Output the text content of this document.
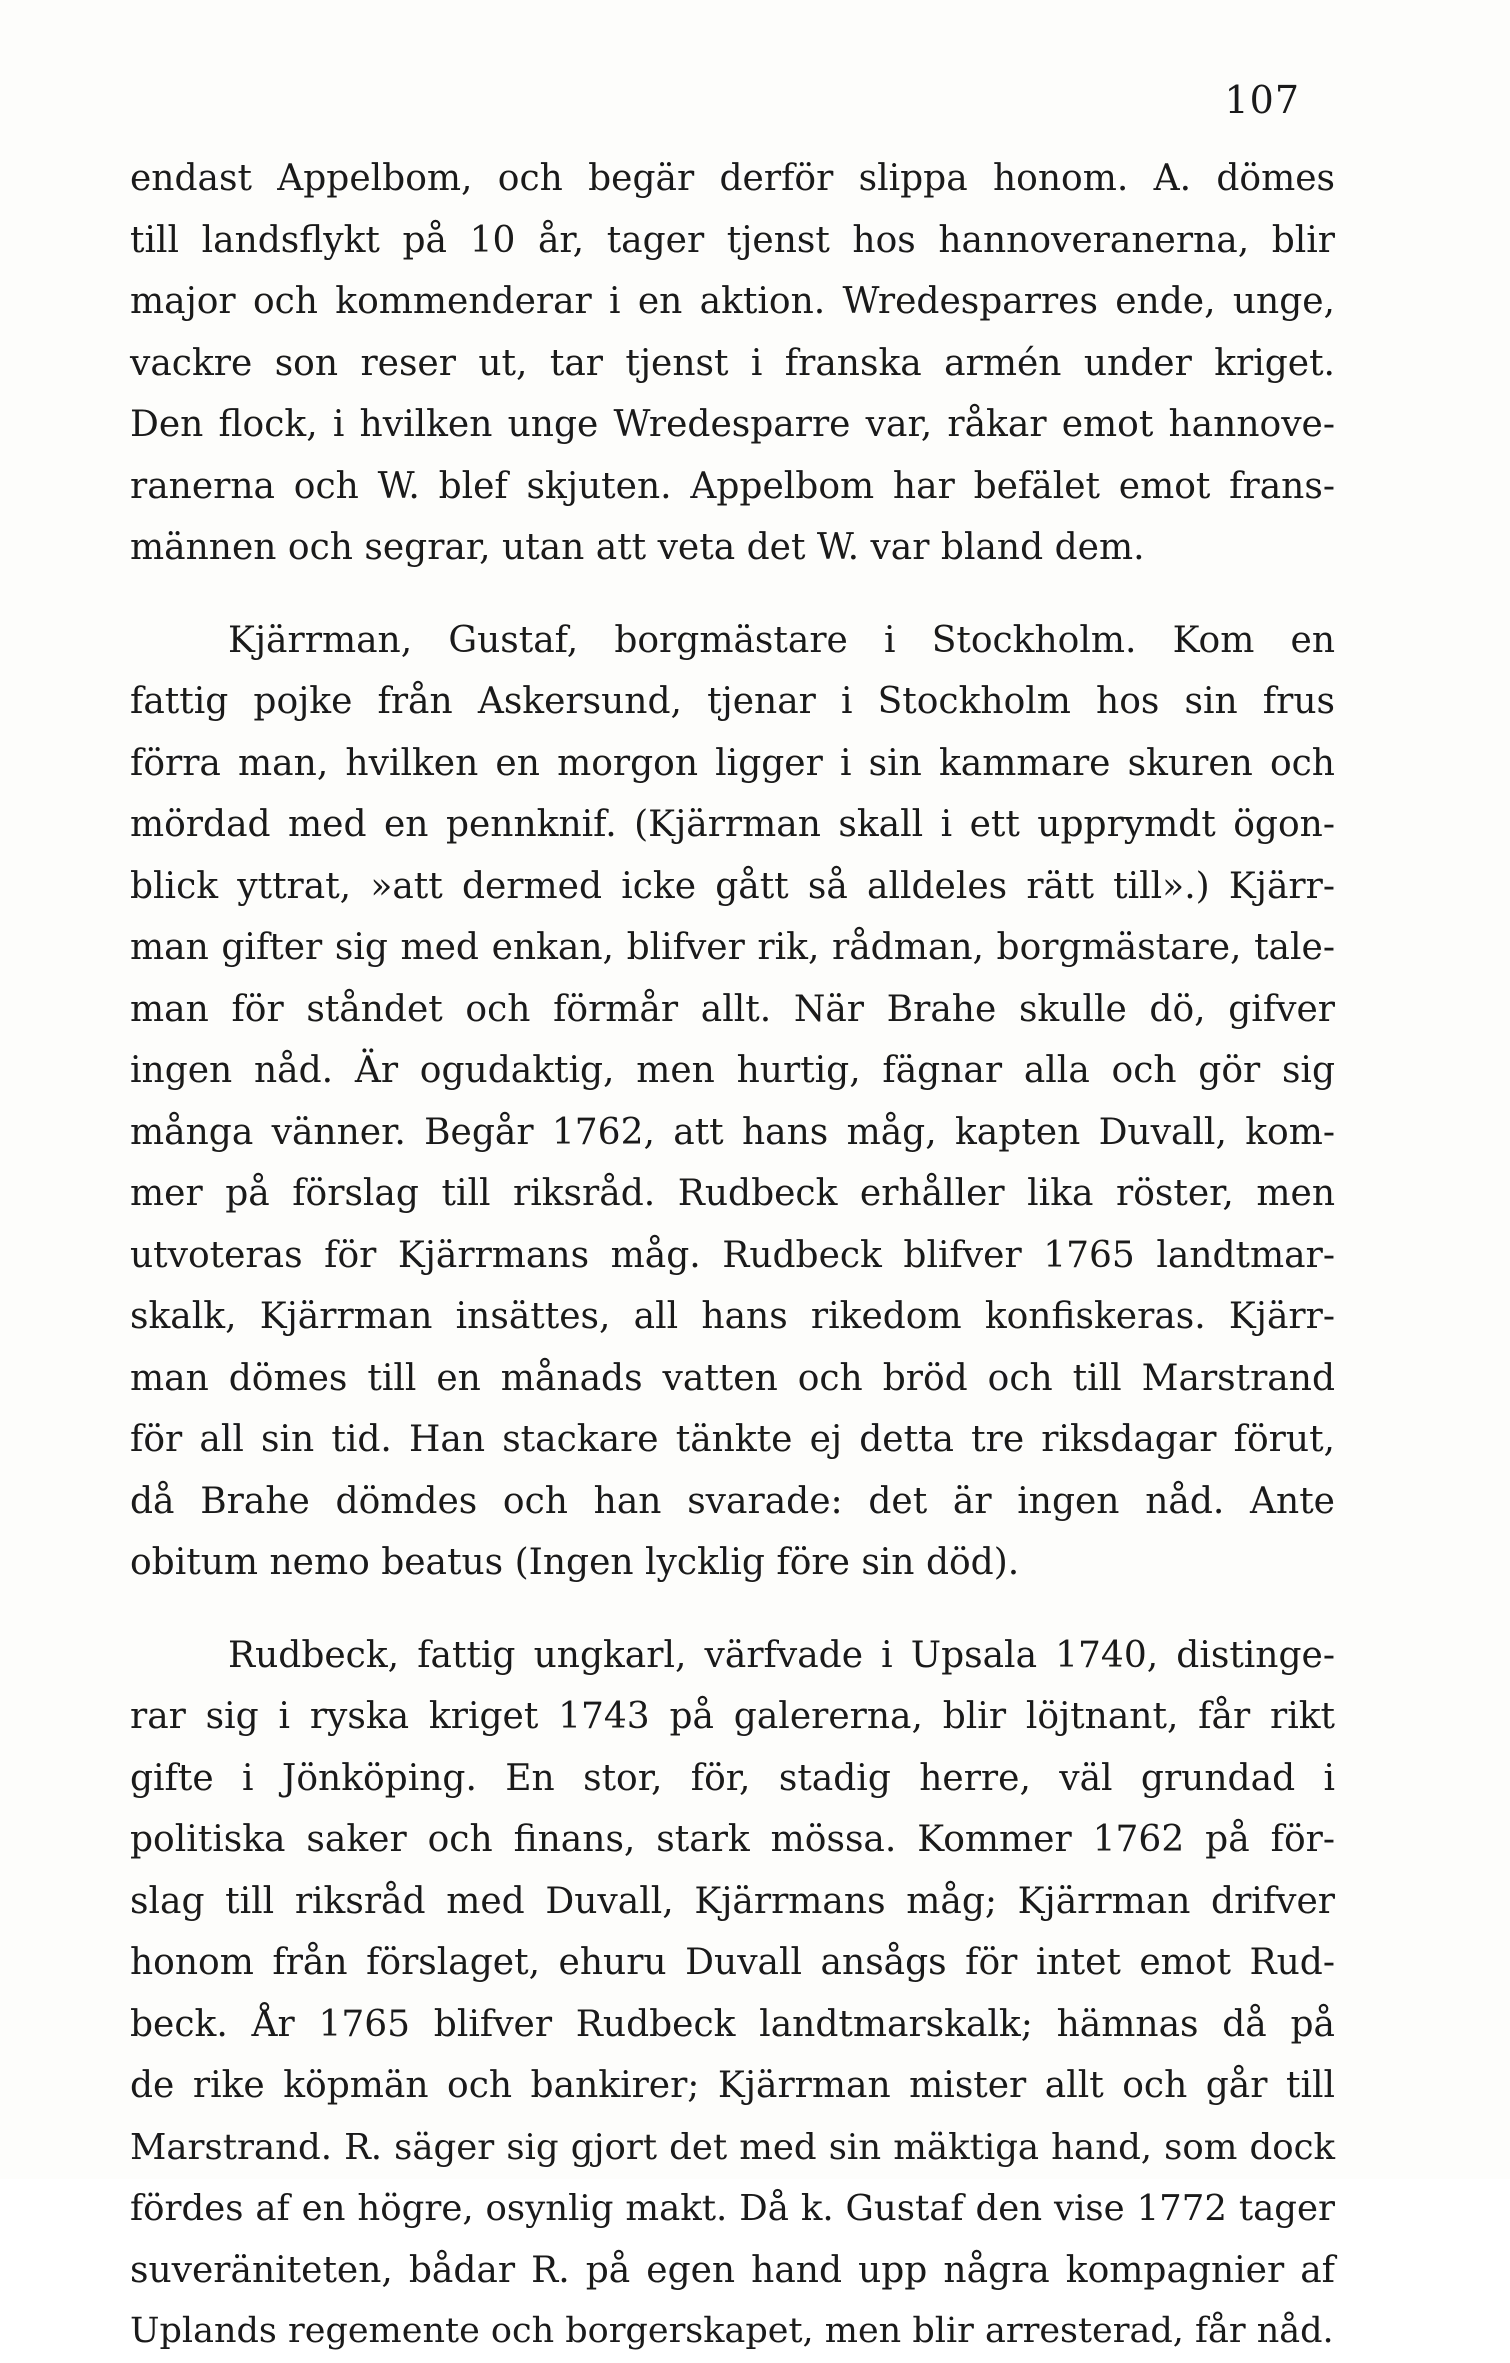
107

endast Appelbom, och begär derför slippa honom. A. dömes
till landsflykt på 10 år, tager tjenst hos hannoveranerna, blir
major och kommenderar i en aktion. Wredesparres ende, unge,
vackre son reser ut, tar tjenst i franska armén under kriget.
Den flock, i hvilken unge Wredesparre var, råkar emot hannove-
ranerna och W. blef skjuten. Appelbom har befälet emot frans-
männen och segrar, utan att veta det W. var bland dem.

Kjärrman, Gustaf, borgmästare i Stockholm. Kom en
fattig pojke från Askersund, tjenar i Stockholm hos sin frus
förra man, hvilken en morgon ligger i sin kammare skuren och
mördad med en pennknif. (Kjärrman skall i ett upprymdt ögon-
blick yttrat, »att dermed icke gått så alldeles rätt till».) Kjärr-
man gifter sig med enkan, blifver rik, rådman, borgmästare, tale-
man för ståndet och förmår allt. När Brahe skulle dö, gifver
ingen nåd. Är ogudaktig, men hurtig, fägnar alla och gör sig
många vänner. Begår 1762, att hans måg, kapten Duvall, kom-
mer på förslag till riksråd. Rudbeck erhåller lika röster, men
utvoteras för Kjärrmans måg. Rudbeck blifver 1765 landtmar-
skalk, Kjärrman insättes, all hans rikedom konfiskeras. Kjärr-
man dömes till en månads vatten och bröd och till Marstrand
för all sin tid. Han stackare tänkte ej detta tre riksdagar förut,
då Brahe dömdes och han svarade: det är ingen nåd. Ante
obitum nemo beatus (Ingen lycklig före sin död).

Rudbeck, fattig ungkarl, värfvade i Upsala 1740, distinge-
rar sig i ryska kriget 1743 på galererna, blir löjtnant, får rikt
gifte i Jönköping. En stor, för, stadig herre, väl grundad i
politiska saker och finans, stark mössa. Kommer 1762 på för-
slag till riksråd med Duvall, Kjärrmans måg; Kjärrman drifver
honom från förslaget, ehuru Duvall ansågs för intet emot Rud-
beck. År 1765 blifver Rudbeck landtmarskalk; hämnas då på
de rike köpmän och bankirer; Kjärrman mister allt och går till
Marstrand. R. säger sig gjort det med sin mäktiga hand, som dock
fördes af en högre, osynlig makt. Då k. Gustaf den vise 1772 tager
suveräniteten, bådar R. på egen hand upp några kompagnier af
Uplands regemente och borgerskapet, men blir arresterad, får nåd.
